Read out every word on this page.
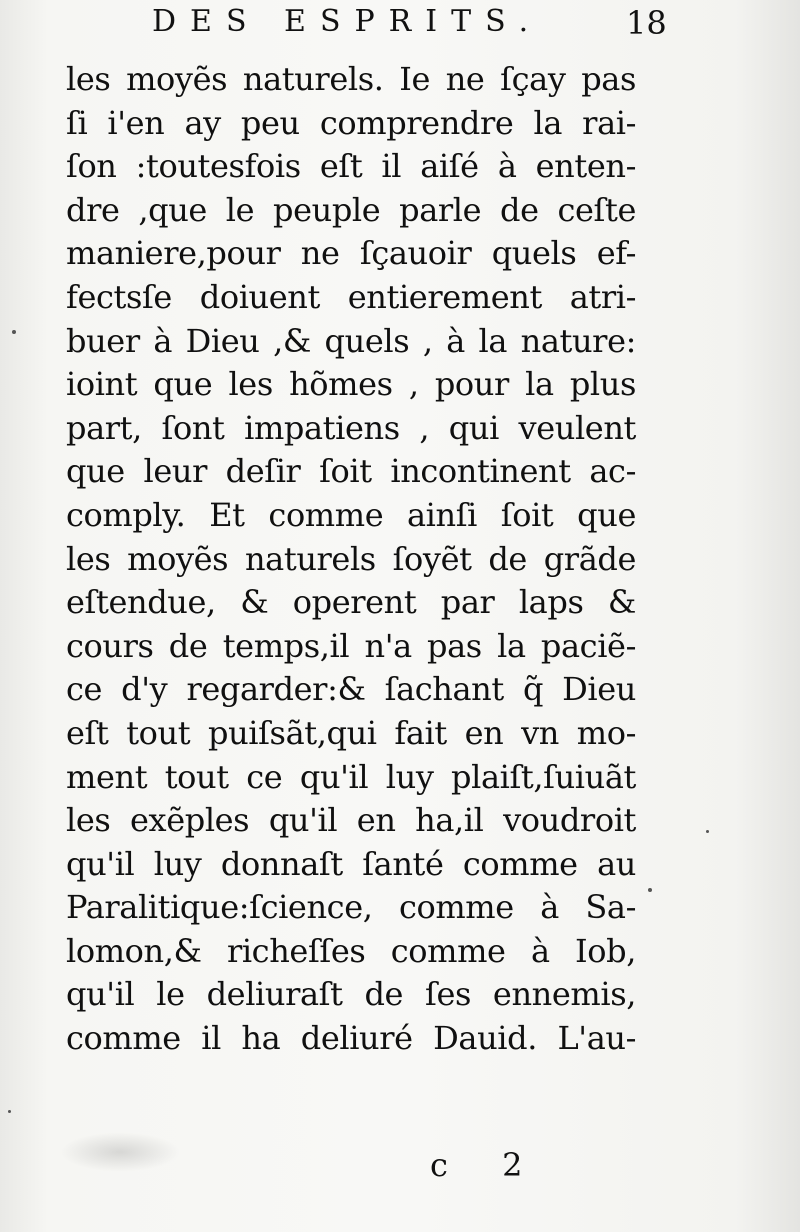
DES ESPRITS.	18
les moyẽs naturels. Ie ne ſçay pas
ſi i'en ay peu comprendre la rai-
ſon :toutesfois eſt il aiſé à enten-
dre ,que le peuple parle de ceſte
maniere,pour ne ſçauoir quels ef-
fectsſe doiuent entierement atri-
buer à Dieu ,& quels , à la nature:
ioint que les hõmes , pour la plus
part, ſont impatiens , qui veulent
que leur deſir ſoit incontinent ac-
comply. Et comme ainſi ſoit que
les moyẽs naturels ſoyẽt de grãde
eſtendue, & operent par laps &
cours de temps,il n'a pas la paciẽ-
ce d'y regarder:& ſachant q̃ Dieu
eſt tout puiſsãt,qui fait en vn mo-
ment tout ce qu'il luy plaiſt,ſuiuãt
les exẽples qu'il en ha,il voudroit
qu'il luy donnaſt ſanté comme au
Paralitique:ſcience, comme à Sa-
lomon,& richeſſes comme à Iob,
qu'il le deliuraſt de ſes ennemis,
comme il ha deliuré Dauid. L'au-
c 2
